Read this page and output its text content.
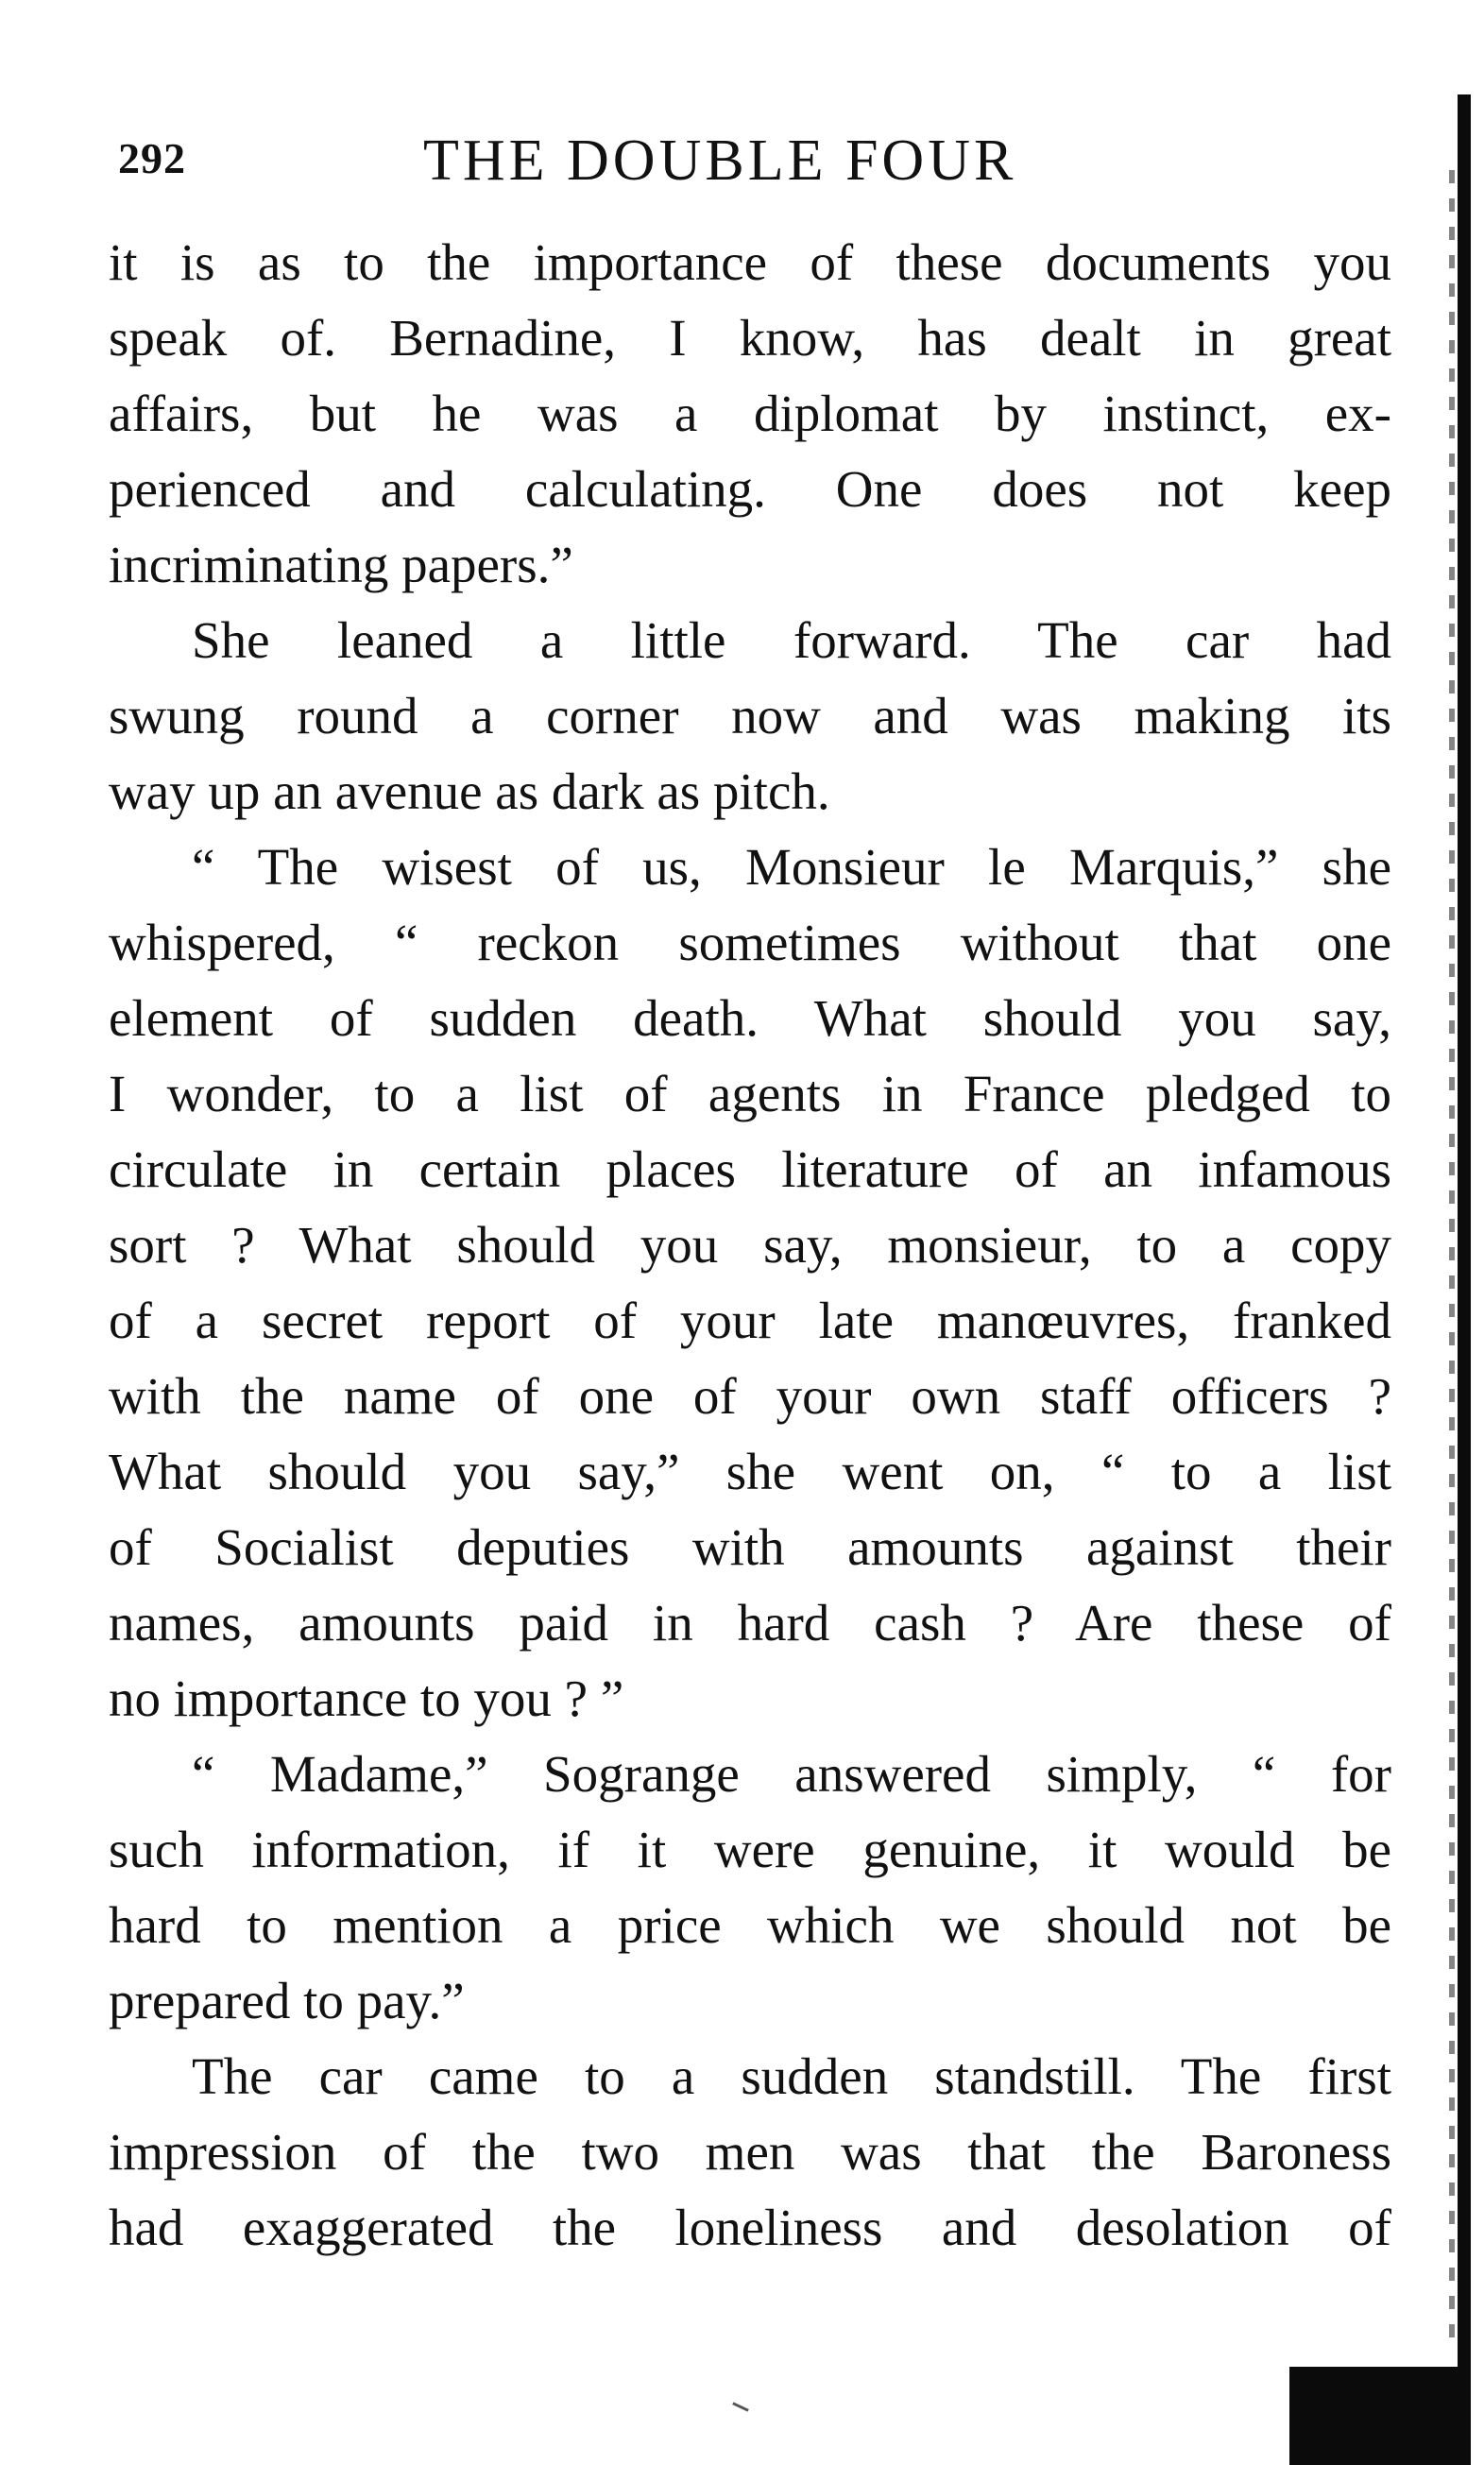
292	THE DOUBLE FOUR
it is as to the importance of these documents you
speak of. Bernadine, I know, has dealt in great
affairs, but he was a diplomat by instinct, ex-
perienced and calculating. One does not keep
incriminating papers.”
She leaned a little forward. The car had
swung round a corner now and was making its
way up an avenue as dark as pitch.
“ The wisest of us, Monsieur le Marquis,” she
whispered, “ reckon sometimes without that one
element of sudden death. What should you say,
I wonder, to a list of agents in France pledged to
circulate in certain places literature of an infamous
sort ? What should you say, monsieur, to a copy
of a secret report of your late manœuvres, franked
with the name of one of your own staff officers ?
What should you say,” she went on, “ to a list
of Socialist deputies with amounts against their
names, amounts paid in hard cash ? Are these of
no importance to you ? ”
“ Madame,” Sogrange answered simply, “ for
such information, if it were genuine, it would be
hard to mention a price which we should not be
prepared to pay.”
The car came to a sudden standstill. The first
impression of the two men was that the Baroness
had exaggerated the loneliness and desolation of
